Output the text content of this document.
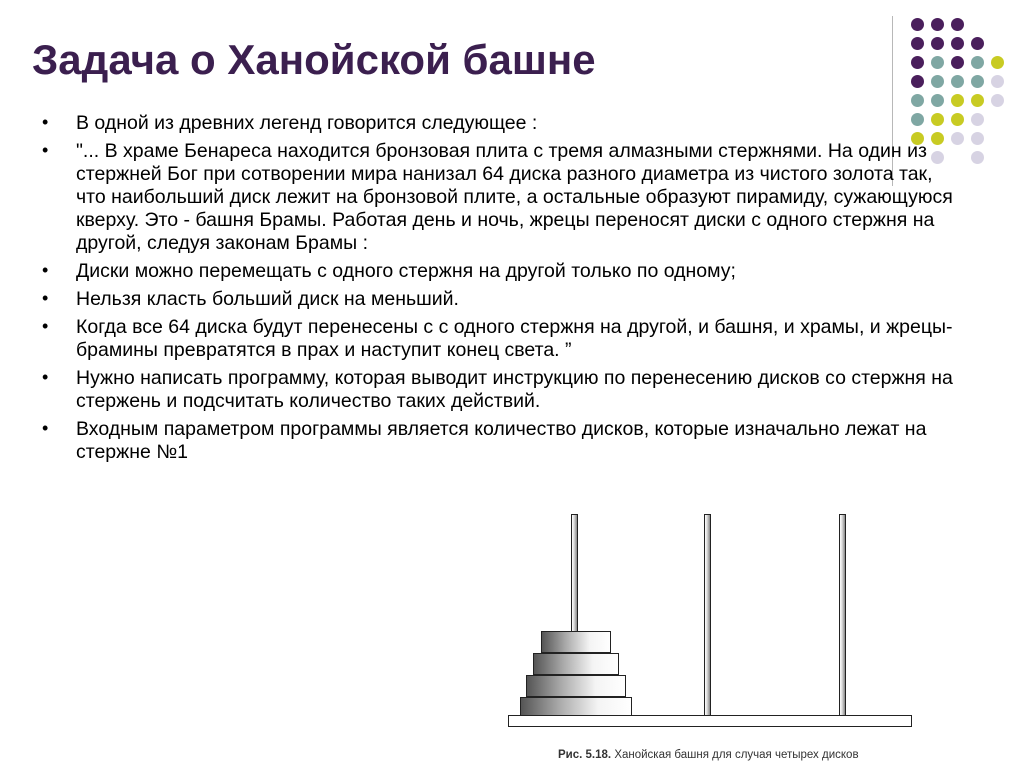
Задача о Ханойской башне
• В одной из древних легенд говорится следующее :
• "... В храме Бенареса находится бронзовая плита с тремя алмазными стержнями. На один из стержней Бог при сотворении мира нанизал 64 диска разного диаметра из чистого золота так, что наибольший диск лежит на бронзовой плите, а остальные образуют пирамиду, сужающуюся кверху. Это - башня Брамы. Работая день и ночь, жрецы переносят диски с одного стержня на другой, следуя законам Брамы :
• Диски можно перемещать с одного стержня на другой только по одному;
• Нельзя класть больший диск на меньший.
• Когда все 64 диска будут перенесены с с одного стержня на другой, и башня, и храмы, и жрецы-брамины превратятся в прах и наступит конец света. ”
• Нужно написать программу, которая выводит инструкцию по перенесению дисков со стержня на стержень и подсчитать количество таких действий.
• Входным параметром программы является количество дисков, которые изначально лежат на стержне №1
Рис. 5.18. Ханойская башня для случая четырех дисков
